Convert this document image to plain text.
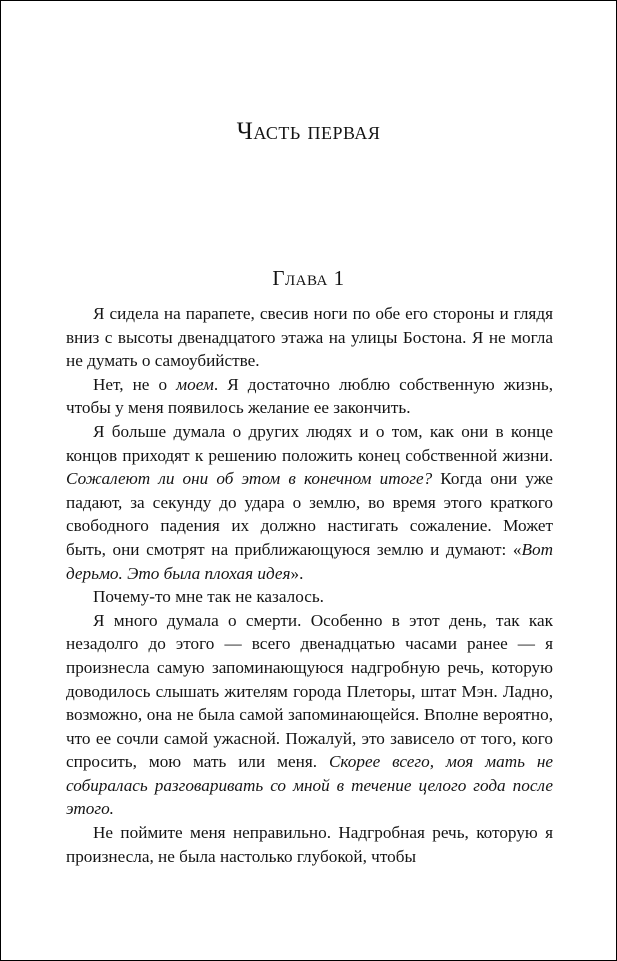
Часть первая
Глава 1

Я сидела на парапете, свесив ноги по обе его стороны и глядя вниз с высоты двенадцатого этажа на улицы Бостона. Я не могла не думать о самоубийстве.

Нет, не о моем. Я достаточно люблю собственную жизнь, чтобы у меня появилось желание ее закончить.

Я больше думала о других людях и о том, как они в конце концов приходят к решению положить конец собственной жизни. Сожалеют ли они об этом в конечном итоге? Когда они уже падают, за секунду до удара о землю, во время этого краткого свободного падения их должно настигать сожаление. Может быть, они смотрят на приближающуюся землю и думают: «Вот дерьмо. Это была плохая идея».

Почему-то мне так не казалось.

Я много думала о смерти. Особенно в этот день, так как незадолго до этого — всего двенадцатью часами ранее — я произнесла самую запоминающуюся надгробную речь, которую доводилось слышать жителям города Плеторы, штат Мэн. Ладно, возможно, она не была самой запоминающейся. Вполне вероятно, что ее сочли самой ужасной. Пожалуй, это зависело от того, кого спросить, мою мать или меня. Скорее всего, моя мать не собиралась разговаривать со мной в течение целого года после этого.

Не поймите меня неправильно. Надгробная речь, которую я произнесла, не была настолько глубокой, чтобы
